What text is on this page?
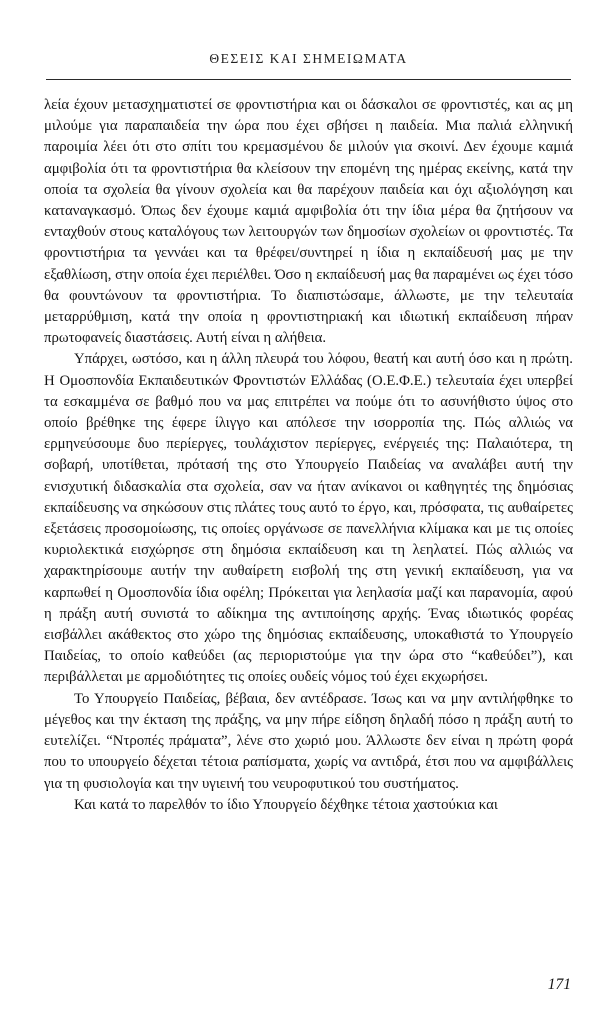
ΘΕΣΕΙΣ ΚΑΙ ΣΗΜΕΙΩΜΑΤΑ

λεία έχουν μετασχηματιστεί σε φροντιστήρια και οι δάσκαλοι σε φροντιστές, και ας μη μιλούμε για παραπαιδεία την ώρα που έχει σβήσει η παιδεία. Μια παλιά ελληνική παροιμία λέει ότι στο σπίτι του κρεμασμένου δε μιλούν για σκοινί. Δεν έχουμε καμιά αμφιβολία ότι τα φροντιστήρια θα κλείσουν την επομένη της ημέρας εκείνης, κατά την οποία τα σχολεία θα γίνουν σχολεία και θα παρέχουν παιδεία και όχι αξιολόγηση και καταναγκασμό. Όπως δεν έχουμε καμιά αμφιβολία ότι την ίδια μέρα θα ζητήσουν να ενταχθούν στους καταλόγους των λειτουργών των δημοσίων σχολείων οι φροντιστές. Τα φροντιστήρια τα γεννάει και τα θρέφει/συντηρεί η ίδια η εκπαίδευσή μας με την εξαθλίωση, στην οποία έχει περιέλθει. Όσο η εκπαίδευσή μας θα παραμένει ως έχει τόσο θα φουντώνουν τα φροντιστήρια. Το διαπιστώσαμε, άλλωστε, με την τελευταία μεταρρύθμιση, κατά την οποία η φροντιστηριακή και ιδιωτική εκπαίδευση πήραν πρωτοφανείς διαστάσεις. Αυτή είναι η αλήθεια.

Υπάρχει, ωστόσο, και η άλλη πλευρά του λόφου, θεατή και αυτή όσο και η πρώτη. Η Ομοσπονδία Εκπαιδευτικών Φροντιστών Ελλάδας (Ο.Ε.Φ.Ε.) τελευταία έχει υπερβεί τα εσκαμμένα σε βαθμό που να μας επιτρέπει να πούμε ότι το ασυνήθιστο ύψος στο οποίο βρέθηκε της έφερε ίλιγγο και απόλεσε την ισορροπία της. Πώς αλλιώς να ερμηνεύσουμε δυο περίεργες, τουλάχιστον περίεργες, ενέργειές της: Παλαιότερα, τη σοβαρή, υποτίθεται, πρότασή της στο Υπουργείο Παιδείας να αναλάβει αυτή την ενισχυτική διδασκαλία στα σχολεία, σαν να ήταν ανίκανοι οι καθηγητές της δημόσιας εκπαίδευσης να σηκώσουν στις πλάτες τους αυτό το έργο, και, πρόσφατα, τις αυθαίρετες εξετάσεις προσομοίωσης, τις οποίες οργάνωσε σε πανελλήνια κλίμακα και με τις οποίες κυριολεκτικά εισχώρησε στη δημόσια εκπαίδευση και τη λεηλατεί. Πώς αλλιώς να χαρακτηρίσουμε αυτήν την αυθαίρετη εισβολή της στη γενική εκπαίδευση, για να καρπωθεί η Ομοσπονδία ίδια οφέλη; Πρόκειται για λεηλασία μαζί και παρανομία, αφού η πράξη αυτή συνιστά το αδίκημα της αντιποίησης αρχής. Ένας ιδιωτικός φορέας εισβάλλει ακάθεκτος στο χώρο της δημόσιας εκπαίδευσης, υποκαθιστά το Υπουργείο Παιδείας, το οποίο καθεύδει (ας περιοριστούμε για την ώρα στο “καθεύδει”), και περιβάλλεται με αρμοδιότητες τις οποίες ουδείς νόμος τού έχει εκχωρήσει.

Το Υπουργείο Παιδείας, βέβαια, δεν αντέδρασε. Ίσως και να μην αντιλήφθηκε το μέγεθος και την έκταση της πράξης, να μην πήρε είδηση δηλαδή πόσο η πράξη αυτή το ευτελίζει. “Ντροπές πράματα”, λένε στο χωριό μου. Άλλωστε δεν είναι η πρώτη φορά που το υπουργείο δέχεται τέτοια ραπίσματα, χωρίς να αντιδρά, έτσι που να αμφιβάλλεις για τη φυσιολογία και την υγιεινή του νευροφυτικού του συστήματος.

Και κατά το παρελθόν το ίδιο Υπουργείο δέχθηκε τέτοια χαστούκια και

171
